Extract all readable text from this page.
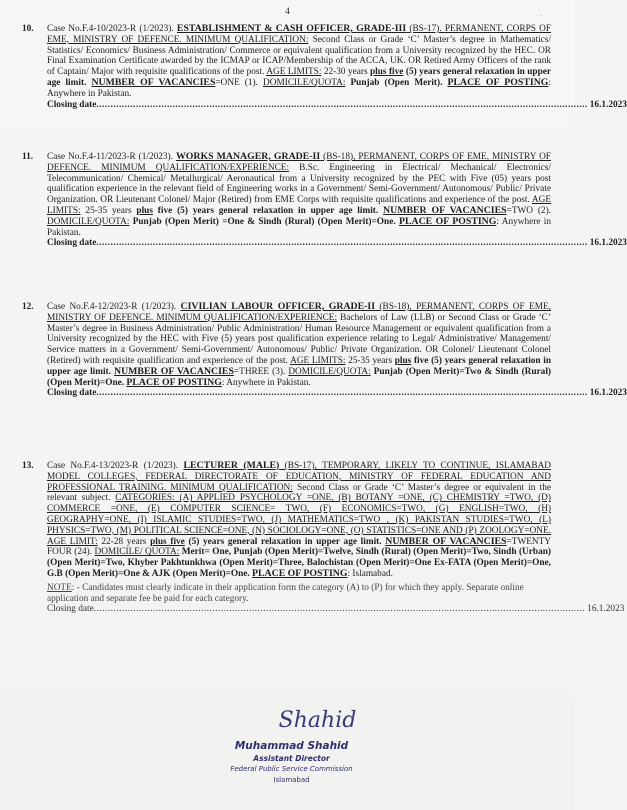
4
ˊ
10. Case No.F.4-10/2023-R (1/2023). ESTABLISHMENT & CASH OFFICER, GRADE-III (BS-17). PERMANENT, CORPS OF EME, MINISTRY OF DEFENCE. MINIMUM QUALIFICATION: Second Class or Grade ‘C’ Master’s degree in Mathematics/ Statistics/ Economics/ Business Administration/ Commerce or equivalent qualification from a University recognized by the HEC. OR Final Examination Certificate awarded by the ICMAP or ICAP/Membership of the ACCA, UK. OR Retired Army Officers of the rank of Captain/ Major with requisite qualifications of the post. AGE LIMITS: 22-30 years plus five (5) years general relaxation in upper age limit. NUMBER OF VACANCIES=ONE (1). DOMICILE/QUOTA: Punjab (Open Merit). PLACE OF POSTING: Anywhere in Pakistan.
Closing date .............................................................................................................................................................................. 16.1.2023
11. Case No.F.4-11/2023-R (1/2023). WORKS MANAGER, GRADE-II (BS-18), PERMANENT, CORPS OF EME, MINISTRY OF DEFENCE. MINIMUM QUALIFICATION/EXPERIENCE: B.Sc. Engineering in Electrical/ Mechanical/ Electronics/ Telecommunication/ Chemical/ Metallurgical/ Aeronautical from a University recognized by the PEC with Five (05) years post qualification experience in the relevant field of Engineering works in a Government/ Semi-Government/ Autonomous/ Public/ Private Organization. OR Lieutenant Colonel/ Major (Retired) from EME Corps with requisite qualifications and experience of the post. AGE LIMITS: 25-35 years plus five (5) years general relaxation in upper age limit. NUMBER OF VACANCIES=TWO (2). DOMICILE/QUOTA: Punjab (Open Merit) =One & Sindh (Rural) (Open Merit)=One. PLACE OF POSTING: Anywhere in Pakistan.
Closing date .............................................................................................................................................................................. 16.1.2023
12. Case No.F.4-12/2023-R (1/2023). CIVILIAN LABOUR OFFICER, GRADE-II (BS-18), PERMANENT, CORPS OF EME, MINISTRY OF DEFENCE. MINIMUM QUALIFICATION/EXPERIENCE: Bachelors of Law (LLB) or Second Class or Grade ‘C’ Master’s degree in Business Administration/ Public Administration/ Human Resource Management or equivalent qualification from a University recognized by the HEC with Five (5) years post qualification experience relating to Legal/ Administrative/ Management/ Service matters in a Government/ Semi-Government/ Autonomous/ Public/ Private Organization. OR Colonel/ Lieutenant Colonel (Retired) with requisite qualification and experience of the post. AGE LIMITS: 25-35 years plus five (5) years general relaxation in upper age limit. NUMBER OF VACANCIES=THREE (3). DOMICILE/QUOTA: Punjab (Open Merit)=Two & Sindh (Rural) (Open Merit)=One. PLACE OF POSTING: Anywhere in Pakistan.
Closing date .............................................................................................................................................................................. 16.1.2023
13. Case No.F.4-13/2023-R (1/2023). LECTURER (MALE) (BS-17), TEMPORARY, LIKELY TO CONTINUE, ISLAMABAD MODEL COLLEGES, FEDERAL DIRECTORATE OF EDUCATION, MINISTRY OF FEDERAL EDUCATION AND PROFESSIONAL TRAINING. MINIMUM QUALIFICATION: Second Class or Grade ‘C’ Master’s degree or equivalent in the relevant subject. CATEGORIES: (A) APPLIED PSYCHOLOGY =ONE, (B) BOTANY =ONE, (C) CHEMISTRY =TWO, (D) COMMERCE =ONE, (E) COMPUTER SCIENCE= TWO, (F) ECONOMICS=TWO, (G) ENGLISH=TWO, (H) GEOGRAPHY=ONE, (I) ISLAMIC STUDIES=TWO, (J) MATHEMATICS=TWO , (K) PAKISTAN STUDIES=TWO, (L) PHYSICS=TWO, (M) POLITICAL SCIENCE=ONE, (N) SOCIOLOGY=ONE, (O) STATISTICS=ONE AND (P) ZOOLOGY=ONE. AGE LIMIT: 22-28 years plus five (5) years general relaxation in upper age limit. NUMBER OF VACANCIES=TWENTY FOUR (24). DOMICILE/ QUOTA: Merit= One, Punjab (Open Merit)=Twelve, Sindh (Rural) (Open Merit)=Two, Sindh (Urban) (Open Merit)=Two, Khyber Pakhtunkhwa (Open Merit)=Three, Balochistan (Open Merit)=One Ex-FATA (Open Merit)=One, G.B (Open Merit)=One & AJK (Open Merit)=One. PLACE OF POSTING: Islamabad.
NOTE: - Candidates must clearly indicate in their application form the category (A) to (P) for which they apply. Separate online application and separate fee be paid for each category.
Closing date .............................................................................................................................................................................. 16.1.2023
Shahid
Muhammad Shahid
Assistant Director
Federal Public Service Commission
Islamabad
